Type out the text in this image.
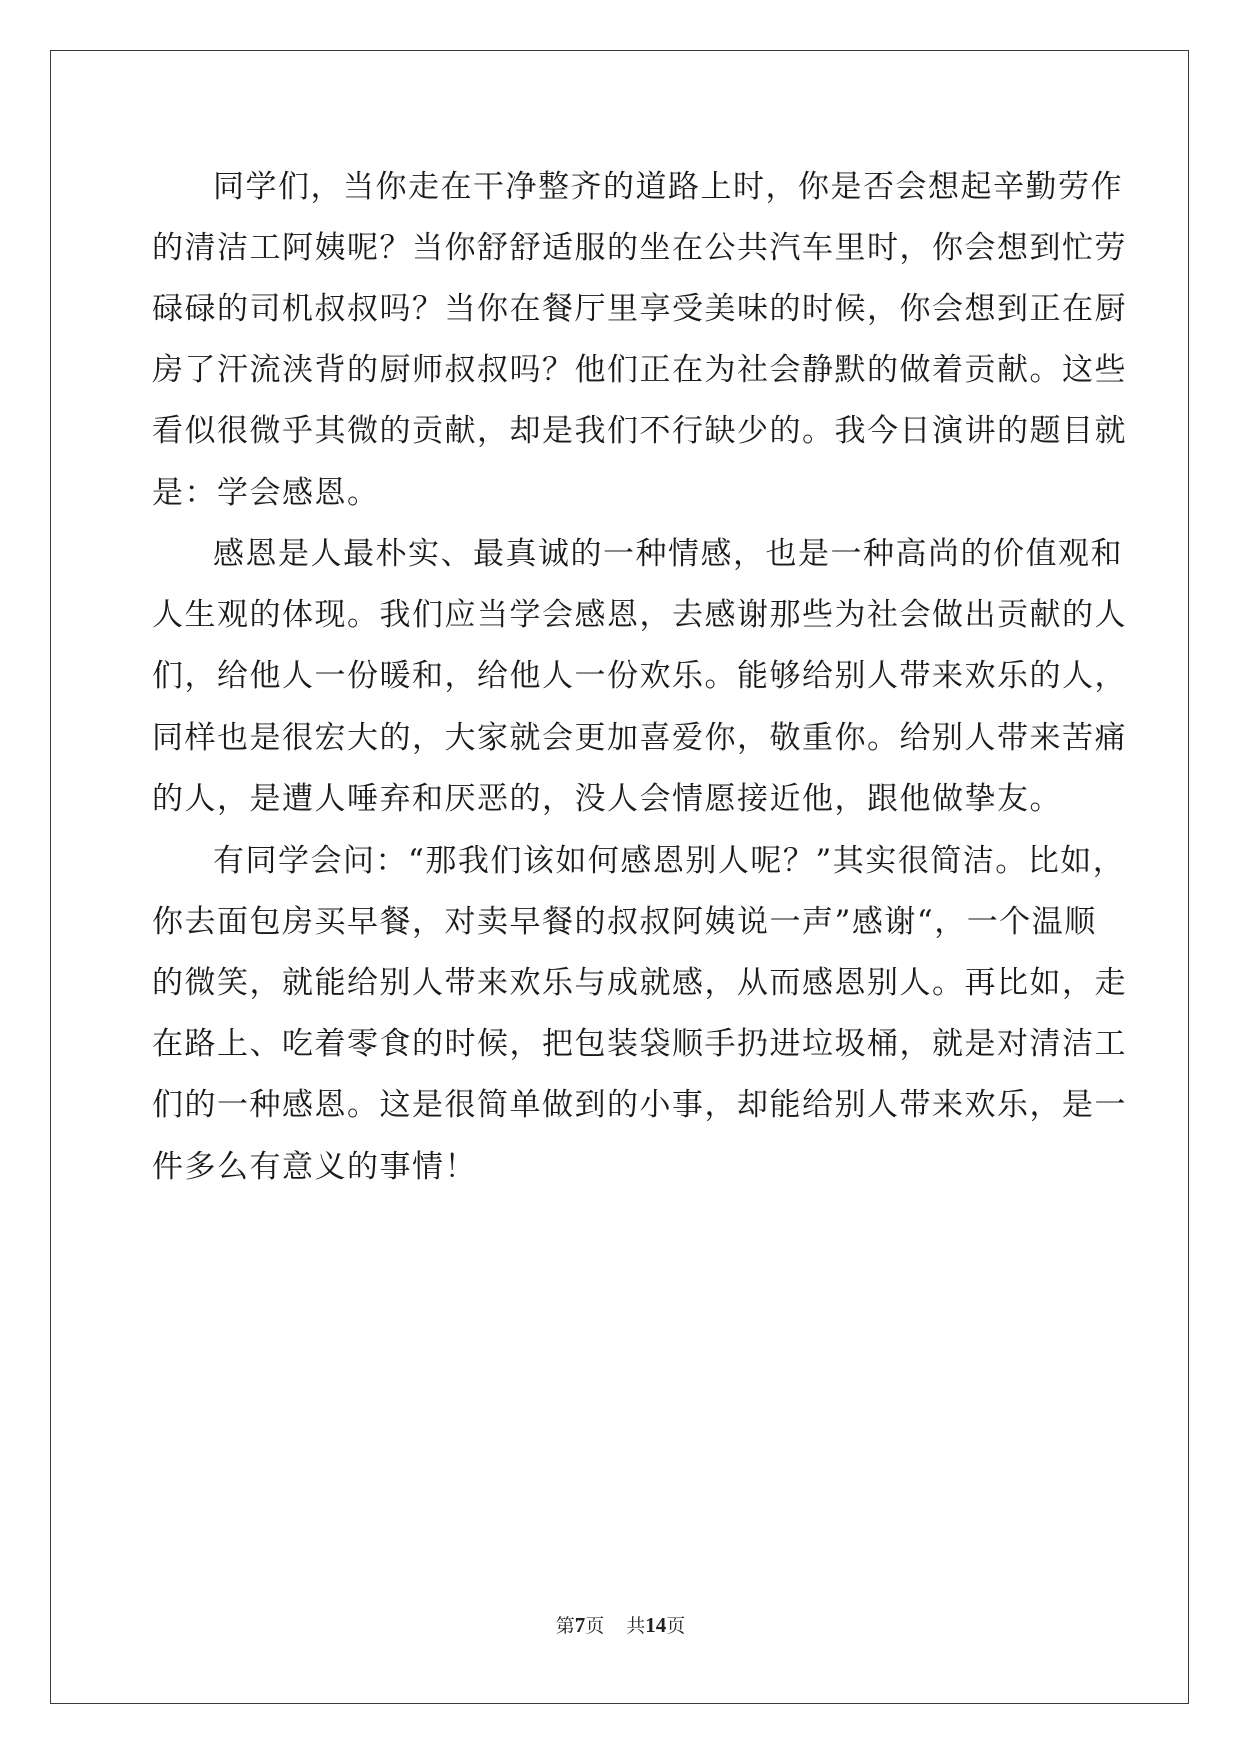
同学们，当你走在干净整齐的道路上时，你是否会想起辛勤劳作
的清洁工阿姨呢？当你舒舒适服的坐在公共汽车里时，你会想到忙劳
碌碌的司机叔叔吗？当你在餐厅里享受美味的时候，你会想到正在厨
房了汗流浃背的厨师叔叔吗？他们正在为社会静默的做着贡献。这些
看似很微乎其微的贡献，却是我们不行缺少的。我今日演讲的题目就
是：学会感恩。
感恩是人最朴实、最真诚的一种情感，也是一种高尚的价值观和
人生观的体现。我们应当学会感恩，去感谢那些为社会做出贡献的人
们，给他人一份暖和，给他人一份欢乐。能够给别人带来欢乐的人，
同样也是很宏大的，大家就会更加喜爱你，敬重你。给别人带来苦痛
的人，是遭人唾弃和厌恶的，没人会情愿接近他，跟他做挚友。
有同学会问：“那我们该如何感恩别人呢？”其实很简洁。比如，
你去面包房买早餐，对卖早餐的叔叔阿姨说一声”感谢“，一个温顺
的微笑，就能给别人带来欢乐与成就感，从而感恩别人。再比如，走
在路上、吃着零食的时候，把包装袋顺手扔进垃圾桶，就是对清洁工
们的一种感恩。这是很简单做到的小事，却能给别人带来欢乐，是一
件多么有意义的事情！
第7页 共14页
